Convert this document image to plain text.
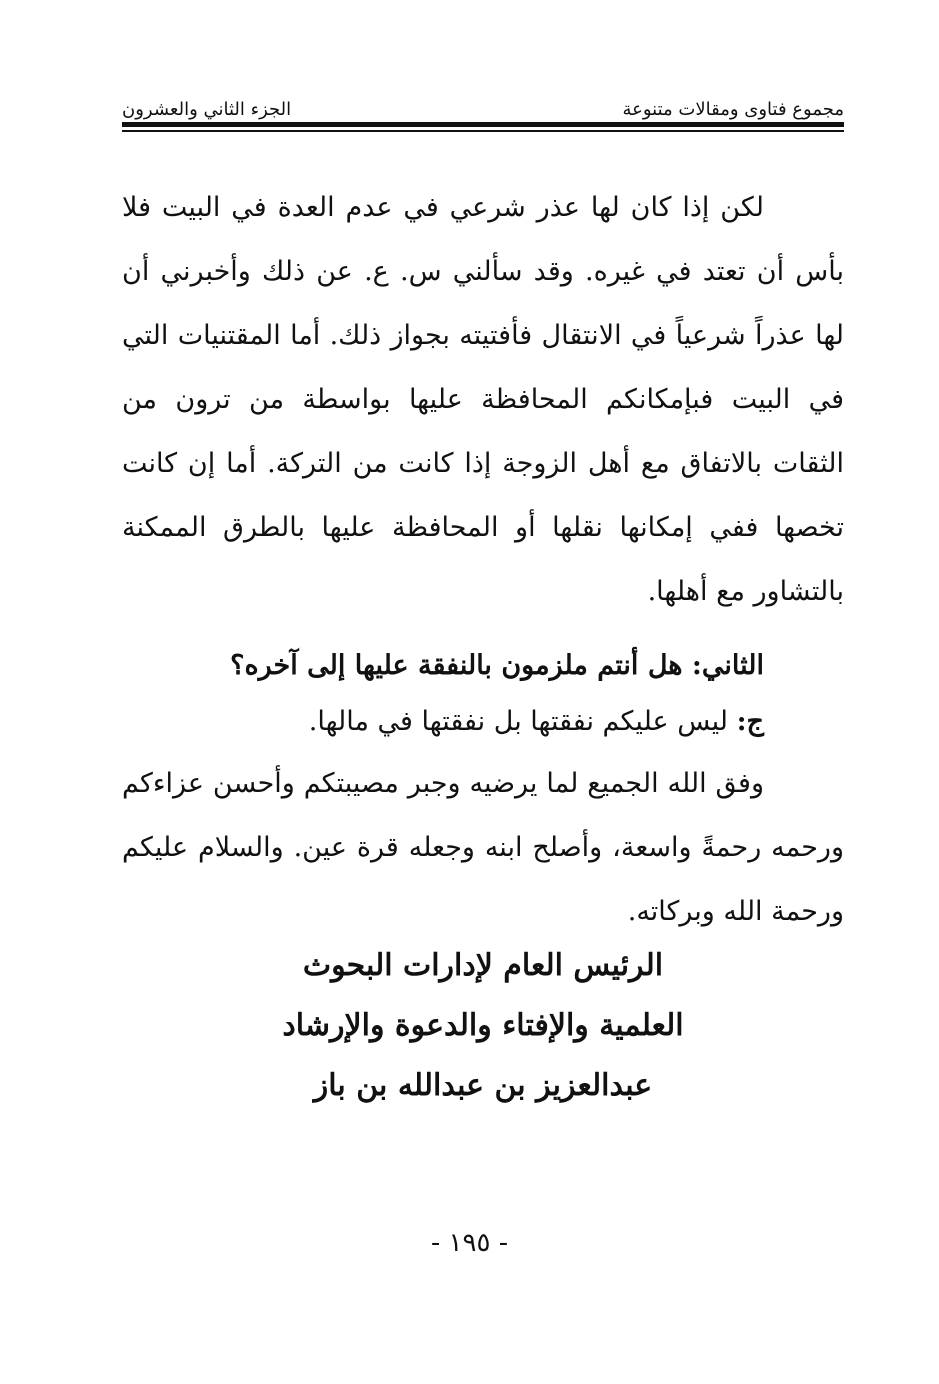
مجموع فتاوى ومقالات متنوعة
الجزء الثاني والعشرون

لكن إذا كان لها عذر شرعي في عدم العدة في البيت فلا بأس أن تعتد في غيره. وقد سألني س. ع. عن ذلك وأخبرني أن لها عذراً شرعياً في الانتقال فأفتيته بجواز ذلك. أما المقتنيات التي في البيت فبإمكانكم المحافظة عليها بواسطة من ترون من الثقات بالاتفاق مع أهل الزوجة إذا كانت من التركة. أما إن كانت تخصها ففي إمكانها نقلها أو المحافظة عليها بالطرق الممكنة بالتشاور مع أهلها.

الثاني: هل أنتم ملزمون بالنفقة عليها إلى آخره؟

ج: ليس عليكم نفقتها بل نفقتها في مالها.

وفق الله الجميع لما يرضيه وجبر مصيبتكم وأحسن عزاءكم ورحمه رحمةً واسعة، وأصلح ابنه وجعله قرة عين. والسلام عليكم ورحمة الله وبركاته.

الرئيس العام لإدارات البحوث

العلمية والإفتاء والدعوة والإرشاد

عبدالعزيز بن عبدالله بن باز

- ١٩٥ -
